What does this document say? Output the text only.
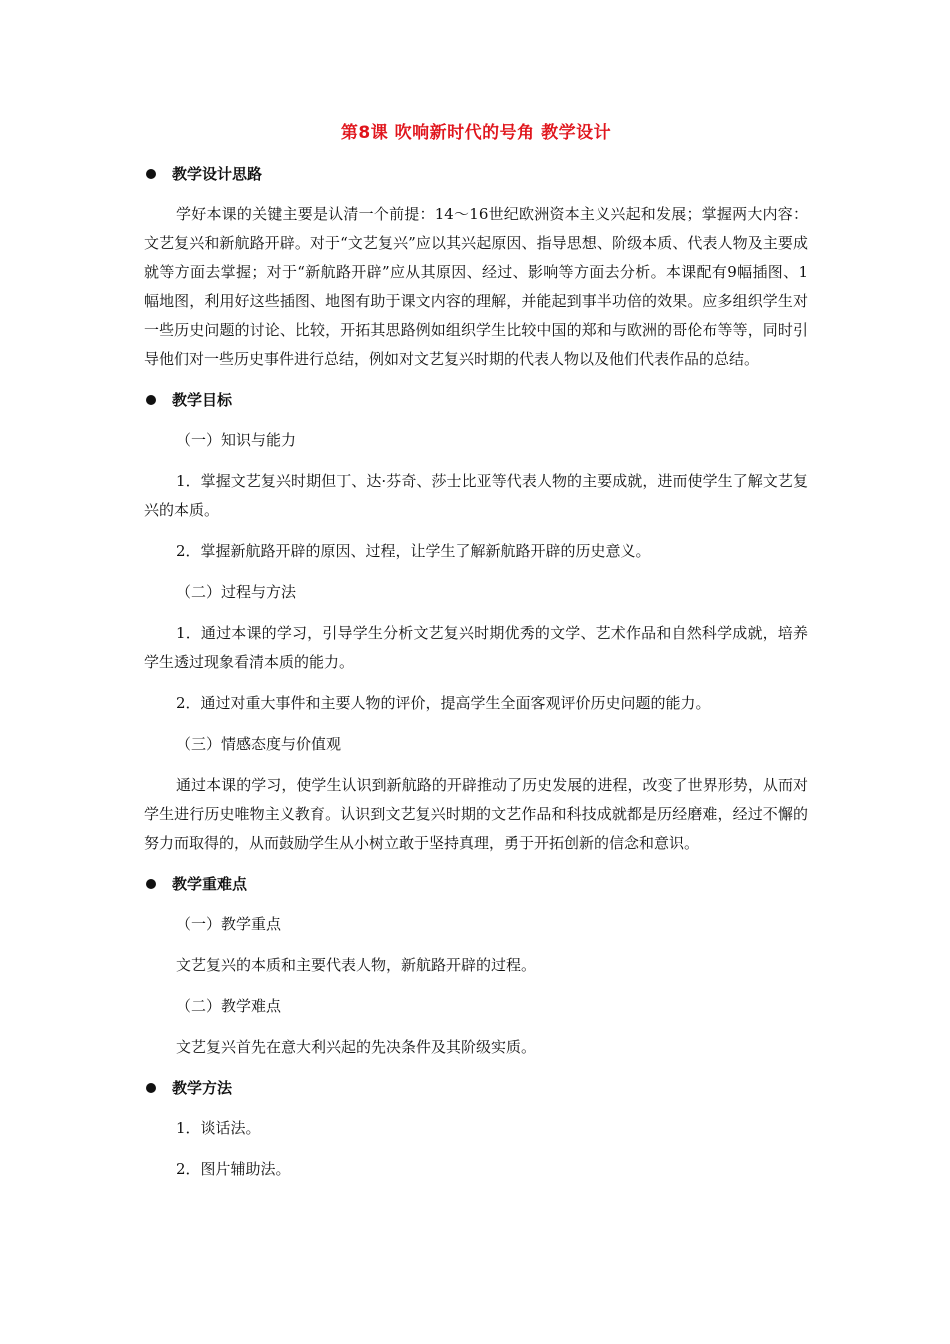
第8课 吹响新时代的号角 教学设计
教学设计思路

学好本课的关键主要是认清一个前提：14～16世纪欧洲资本主义兴起和发展；掌握两大内容：文艺复兴和新航路开辟。对于“文艺复兴”应以其兴起原因、指导思想、阶级本质、代表人物及主要成就等方面去掌握；对于“新航路开辟”应从其原因、经过、影响等方面去分析。本课配有9幅插图、1幅地图，利用好这些插图、地图有助于课文内容的理解，并能起到事半功倍的效果。应多组织学生对一些历史问题的讨论、比较，开拓其思路例如组织学生比较中国的郑和与欧洲的哥伦布等等，同时引导他们对一些历史事件进行总结，例如对文艺复兴时期的代表人物以及他们代表作品的总结。

教学目标

（一）知识与能力

1．掌握文艺复兴时期但丁、达·芬奇、莎士比亚等代表人物的主要成就，进而使学生了解文艺复兴的本质。

2．掌握新航路开辟的原因、过程，让学生了解新航路开辟的历史意义。

（二）过程与方法

1．通过本课的学习，引导学生分析文艺复兴时期优秀的文学、艺术作品和自然科学成就，培养学生透过现象看清本质的能力。

2．通过对重大事件和主要人物的评价，提高学生全面客观评价历史问题的能力。

（三）情感态度与价值观

通过本课的学习，使学生认识到新航路的开辟推动了历史发展的进程，改变了世界形势，从而对学生进行历史唯物主义教育。认识到文艺复兴时期的文艺作品和科技成就都是历经磨难，经过不懈的努力而取得的，从而鼓励学生从小树立敢于坚持真理，勇于开拓创新的信念和意识。

教学重难点

（一）教学重点

文艺复兴的本质和主要代表人物，新航路开辟的过程。

（二）教学难点

文艺复兴首先在意大利兴起的先决条件及其阶级实质。

教学方法

1．谈话法。

2．图片辅助法。
